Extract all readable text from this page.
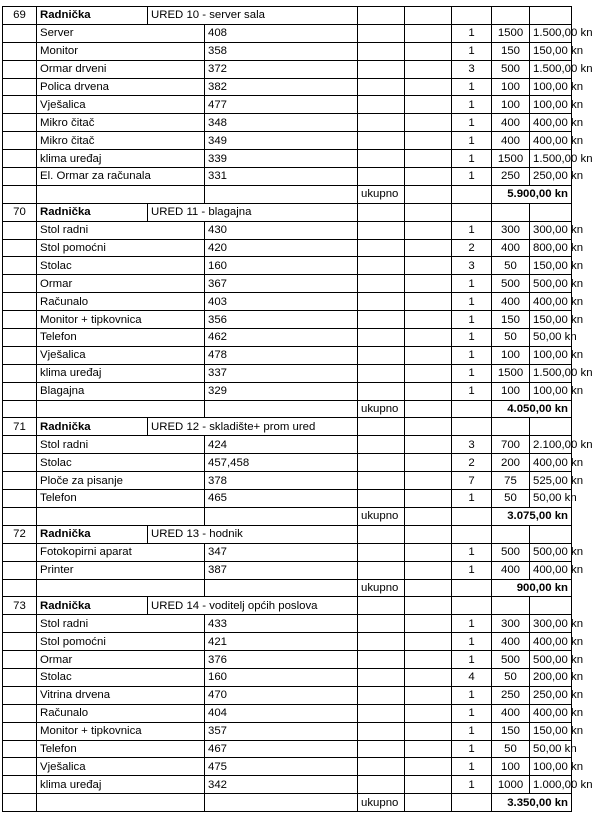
69	Radnička	URED 10 - server sala						
	Server		408			1	1500	1.500,00 kn
	Monitor		358			1	150	150,00 kn
	Ormar drveni		372			3	500	1.500,00 kn
	Polica drvena		382			1	100	100,00 kn
	Vješalica		477			1	100	100,00 kn
	Mikro čitač		348			1	400	400,00 kn
	Mikro čitač		349			1	400	400,00 kn
	klima uređaj		339			1	1500	1.500,00 kn
	El. Ormar za računala		331			1	250	250,00 kn
				ukupno			5.900,00 kn	
70	Radnička	URED 11 - blagajna						
	Stol radni		430			1	300	300,00 kn
	Stol pomoćni		420			2	400	800,00 kn
	Stolac		160			3	50	150,00 kn
	Ormar		367			1	500	500,00 kn
	Računalo		403			1	400	400,00 kn
	Monitor + tipkovnica		356			1	150	150,00 kn
	Telefon		462			1	50	50,00 kn
	Vješalica		478			1	100	100,00 kn
	klima uređaj		337			1	1500	1.500,00 kn
	Blagajna		329			1	100	100,00 kn
				ukupno			4.050,00 kn	
71	Radnička	URED 12 - skladište+ prom ured						
	Stol radni		424			3	700	2.100,00 kn
	Stolac		457,458			2	200	400,00 kn
	Ploče za pisanje		378			7	75	525,00 kn
	Telefon		465			1	50	50,00 kn
				ukupno			3.075,00 kn	
72	Radnička	URED 13 - hodnik						
	Fotokopirni aparat		347			1	500	500,00 kn
	Printer		387			1	400	400,00 kn
				ukupno			900,00 kn	
73	Radnička	URED 14 - voditelj općih poslova						
	Stol radni		433			1	300	300,00 kn
	Stol pomoćni		421			1	400	400,00 kn
	Ormar		376			1	500	500,00 kn
	Stolac		160			4	50	200,00 kn
	Vitrina drvena		470			1	250	250,00 kn
	Računalo		404			1	400	400,00 kn
	Monitor + tipkovnica		357			1	150	150,00 kn
	Telefon		467			1	50	50,00 kn
	Vješalica		475			1	100	100,00 kn
	klima uređaj		342			1	1000	1.000,00 kn
				ukupno			3.350,00 kn	
